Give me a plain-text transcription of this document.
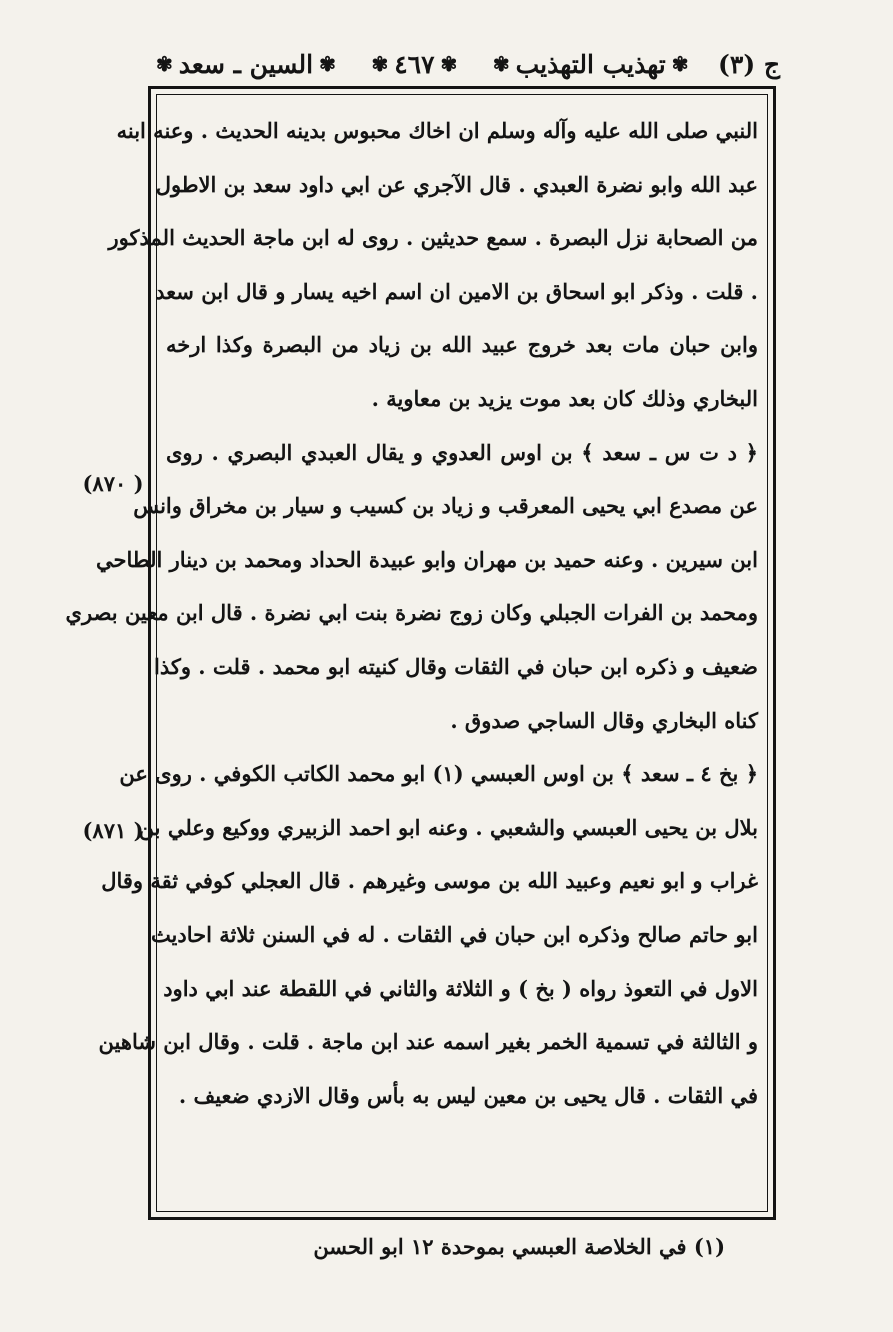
ج (٣)
✾
تهذيب التهذيب
✾
✾
٤٦٧
✾
✾
السين ـ سعد
✾
النبي صلى الله عليه وآله وسلم ان اخاك محبوس بدينه الحديث . وعنه ابنه
عبد الله وابو نضرة العبدي . قال الآجري عن ابي داود سعد بن الاطول
من الصحابة نزل البصرة . سمع حديثين . روى له ابن ماجة الحديث المذكور
. قلت . وذكر ابو اسحاق بن الامين ان اسم اخيه يسار و قال ابن سعد
وابن حبان مات بعد خروج عبيد الله بن زياد من البصرة وكذا ارخه
البخاري وذلك كان بعد موت يزيد بن معاوية .
﴿ د ت س ـ سعد ﴾ بن اوس العدوي و يقال العبدي البصري . روى
عن مصدع ابي يحيى المعرقب و زياد بن كسيب و سيار بن مخراق وانس
ابن سيرين . وعنه حميد بن مهران وابو عبيدة الحداد ومحمد بن دينار الطاحي
ومحمد بن الفرات الجبلي وكان زوج نضرة بنت ابي نضرة . قال ابن معين بصري
ضعيف و ذكره ابن حبان في الثقات وقال كنيته ابو محمد . قلت . وكذا
كناه البخاري وقال الساجي صدوق .
﴿ بخ ٤ ـ سعد ﴾ بن اوس العبسي (١) ابو محمد الكاتب الكوفي . روى عن
بلال بن يحيى العبسي والشعبي . وعنه ابو احمد الزبيري ووكيع وعلي بن
غراب و ابو نعيم وعبيد الله بن موسى وغيرهم . قال العجلي كوفي ثقة وقال
ابو حاتم صالح وذكره ابن حبان في الثقات . له في السنن ثلاثة احاديث
الاول في التعوذ رواه ( بخ ) و الثلاثة والثاني في اللقطة عند ابي داود
و الثالثة في تسمية الخمر بغير اسمه عند ابن ماجة . قلت . وقال ابن شاهين
في الثقات . قال يحيى بن معين ليس به بأس وقال الازدي ضعيف .
( ٨٧٠)
( ٨٧١)
(١) في الخلاصة العبسي بموحدة ١٢ ابو الحسن
